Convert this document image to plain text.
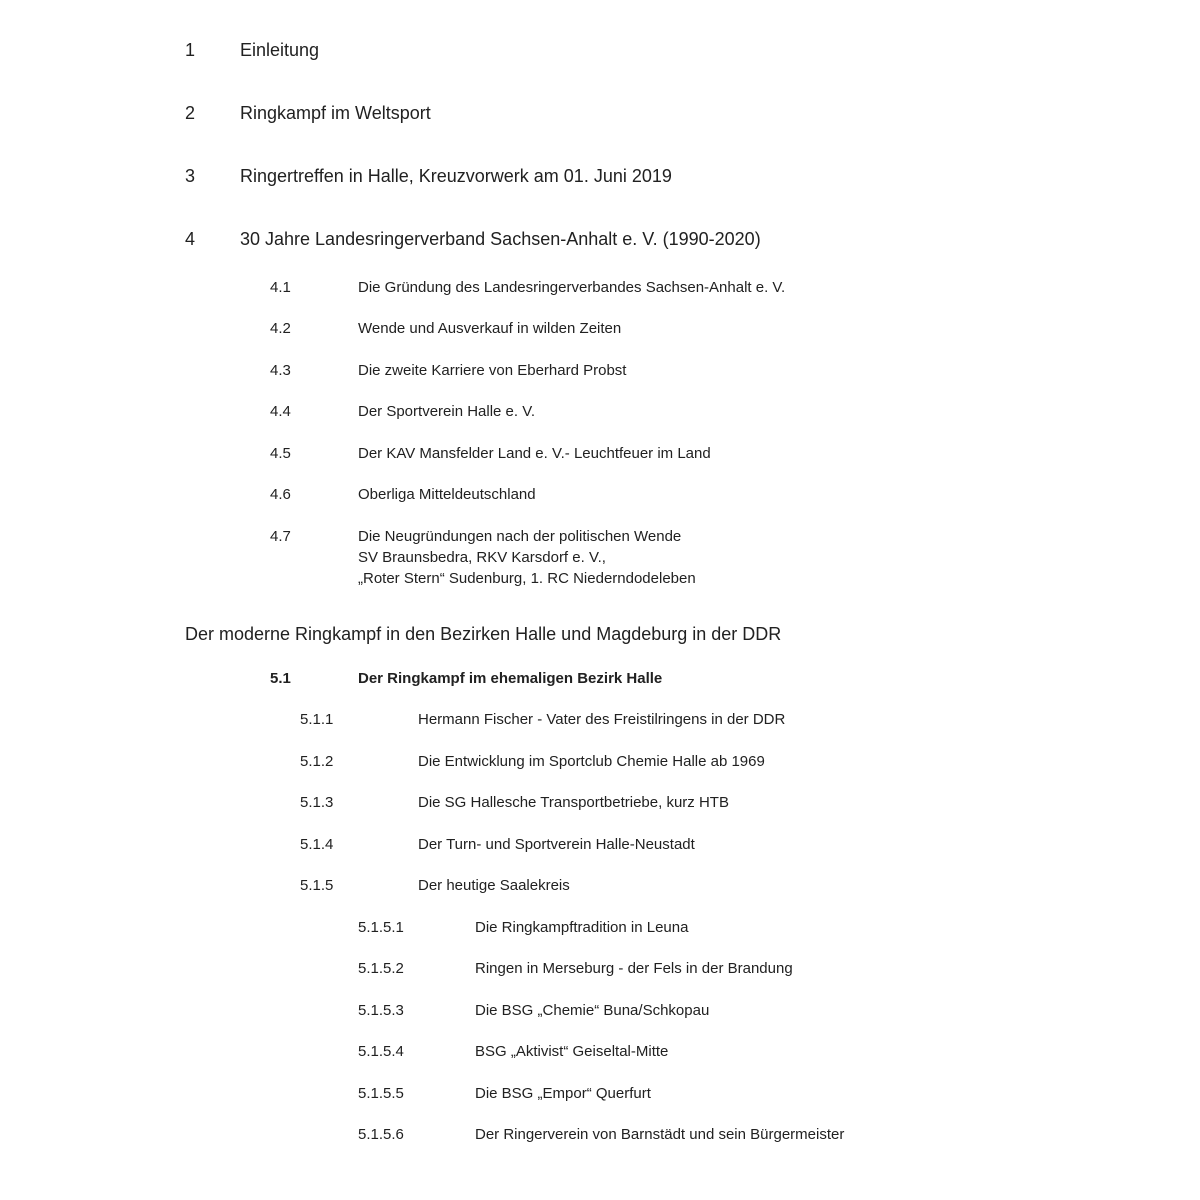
1 Einleitung
2 Ringkampf im Weltsport
3 Ringertreffen in Halle, Kreuzvorwerk am 01. Juni 2019
4 30 Jahre Landesringerverband Sachsen-Anhalt e. V. (1990-2020)
4.1	Die Gründung des Landesringerverbandes Sachsen-Anhalt e. V.
4.2	Wende und Ausverkauf in wilden Zeiten
4.3	Die zweite Karriere von Eberhard Probst
4.4	Der Sportverein Halle e. V.
4.5	Der KAV Mansfelder Land e. V.- Leuchtfeuer im Land
4.6	Oberliga Mitteldeutschland
4.7	Die Neugründungen nach der politischen Wende
SV Braunsbedra, RKV Karsdorf e. V.,
„Roter Stern“ Sudenburg, 1. RC Niederndodeleben
Der moderne Ringkampf in den Bezirken Halle und Magdeburg in der DDR
5.1	Der Ringkampf im ehemaligen Bezirk Halle
5.1.1	Hermann Fischer - Vater des Freistilringens in der DDR
5.1.2	Die Entwicklung im Sportclub Chemie Halle ab 1969
5.1.3	Die SG Hallesche Transportbetriebe, kurz HTB
5.1.4	Der Turn- und Sportverein Halle-Neustadt
5.1.5	Der heutige Saalekreis
5.1.5.1	Die Ringkampftradition in Leuna
5.1.5.2	Ringen in Merseburg - der Fels in der Brandung
5.1.5.3	Die BSG „Chemie“ Buna/Schkopau
5.1.5.4	BSG „Aktivist“ Geiseltal-Mitte
5.1.5.5	Die BSG „Empor“ Querfurt
5.1.5.6	Der Ringerverein von Barnstädt und sein Bürgermeister
